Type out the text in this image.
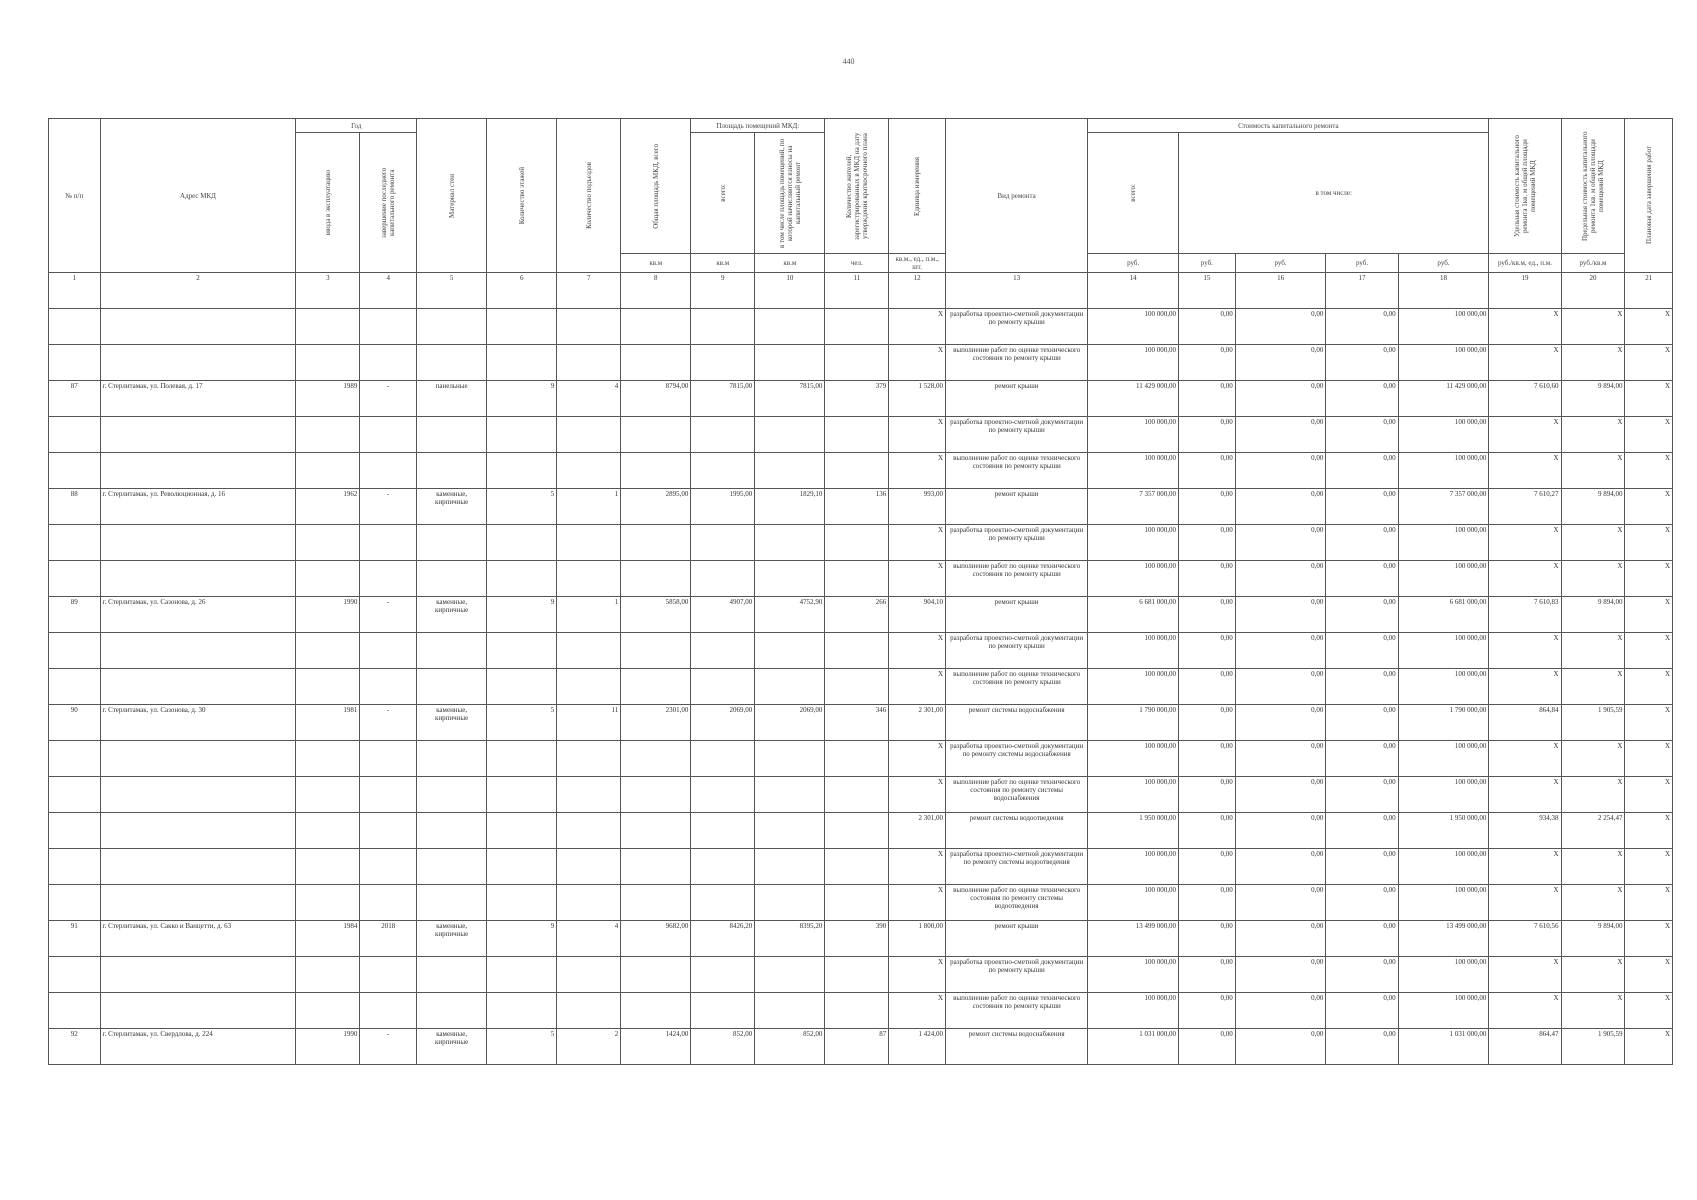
440
№ п/п	Адрес МКД	Год		Материал стен	Количество этажей	Количество подъездов	Общая площадь МКД, всего	Площадь помещений МКД:		Количество жителей, зарегистрированных в МКД на дату утверждения краткосрочного плана	Единица измерения	Вид ремонта	Стоимость капитального ремонта					Удельная стоимость капитального ремонта 1кв. м общей площади помещений МКД	Предельная стоимость капитального ремонта 1кв. м общей площади помещений МКД	Плановая дата завершения работ

		ввода в эксплуатацию	завершение последнего капитального ремонта					всего:	в том числе площадь помещений, по которой начисляются взносы на капитальный ремонт				всего:	в том числе:						
							кв.м	кв.м	кв.м	чел.	кв.м., ед., п.м., шт.		руб.	руб.	руб.	руб.	руб.	руб./кв.м, ед., п.м.	руб./кв.м	
1	2	3	4	5	6	7	8	9	10	11	12	13	14	15	16	17	18	19	20	21
											X	разработка проектно-сметной документации по ремонту крыши	100 000,00	0,00	0,00	0,00	100 000,00	X	X	X
											X	выполнение работ по оценке технического состояния по ремонту крыши	100 000,00	0,00	0,00	0,00	100 000,00	X	X	X
87	г. Стерлитамак, ул. Полевая, д. 17	1989	-	панельные	9	4	8794,00	7815,00	7815,00	379	1 528,00	ремонт крыши	11 429 000,00	0,00	0,00	0,00	11 429 000,00	7 610,60	9 894,00	X
											X	разработка проектно-сметной документации по ремонту крыши	100 000,00	0,00	0,00	0,00	100 000,00	X	X	X
											X	выполнение работ по оценке технического состояния по ремонту крыши	100 000,00	0,00	0,00	0,00	100 000,00	X	X	X
88	г. Стерлитамак, ул. Революционная, д. 16	1962	-	каменные, кирпичные	5	1	2895,00	1995,00	1829,10	136	993,00	ремонт крыши	7 357 000,00	0,00	0,00	0,00	7 357 000,00	7 610,27	9 894,00	X
											X	разработка проектно-сметной документации по ремонту крыши	100 000,00	0,00	0,00	0,00	100 000,00	X	X	X
											X	выполнение работ по оценке технического состояния по ремонту крыши	100 000,00	0,00	0,00	0,00	100 000,00	X	X	X
89	г. Стерлитамак, ул. Сазонова, д. 26	1990	-	каменные, кирпичные	9	1	5858,00	4907,00	4752,90	266	904,10	ремонт крыши	6 681 000,00	0,00	0,00	0,00	6 681 000,00	7 610,83	9 894,00	X
											X	разработка проектно-сметной документации по ремонту крыши	100 000,00	0,00	0,00	0,00	100 000,00	X	X	X
											X	выполнение работ по оценке технического состояния по ремонту крыши	100 000,00	0,00	0,00	0,00	100 000,00	X	X	X
90	г. Стерлитамак, ул. Сазонова, д. 30	1981	-	каменные, кирпичные	5	11	2301,00	2069,00	2069,00	346	2 301,00	ремонт системы водоснабжения	1 790 000,00	0,00	0,00	0,00	1 790 000,00	864,84	1 905,59	X
											X	разработка проектно-сметной документации по ремонту системы водоснабжения	100 000,00	0,00	0,00	0,00	100 000,00	X	X	X
											X	выполнение работ по оценке технического состояния по ремонту системы водоснабжения	100 000,00	0,00	0,00	0,00	100 000,00	X	X	X
											2 301,00	ремонт системы водоотведения	1 950 000,00	0,00	0,00	0,00	1 950 000,00	934,38	2 254,47	X
											X	разработка проектно-сметной документации по ремонту системы водоотведения	100 000,00	0,00	0,00	0,00	100 000,00	X	X	X
											X	выполнение работ по оценке технического состояния по ремонту системы водоотведения	100 000,00	0,00	0,00	0,00	100 000,00	X	X	X
91	г. Стерлитамак, ул. Сакко и Ванцетти, д. 63	1984	2018	каменные, кирпичные	9	4	9682,00	8426,20	8395,20	390	1 800,00	ремонт крыши	13 499 000,00	0,00	0,00	0,00	13 499 000,00	7 610,56	9 894,00	X
											X	разработка проектно-сметной документации по ремонту крыши	100 000,00	0,00	0,00	0,00	100 000,00	X	X	X
											X	выполнение работ по оценке технического состояния по ремонту крыши	100 000,00	0,00	0,00	0,00	100 000,00	X	X	X
92	г. Стерлитамак, ул. Свердлова, д. 224	1990	-	каменные, кирпичные	5	2	1424,00	852,00	852,00	87	1 424,00	ремонт системы водоснабжения	1 031 000,00	0,00	0,00	0,00	1 031 000,00	864,47	1 905,59	X
